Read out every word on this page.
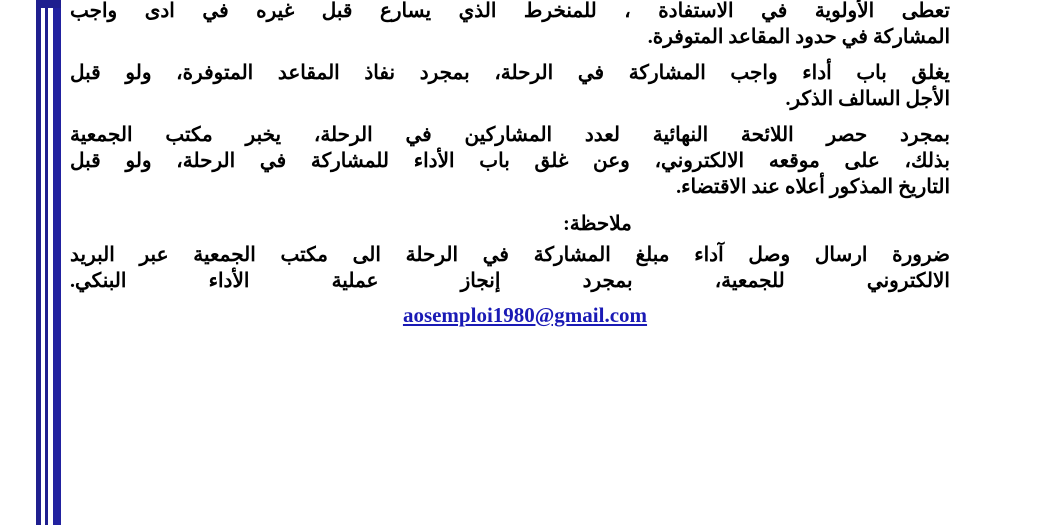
تعطى الأولوية في الاستفادة ، للمنخرط الذي يسارع قبل غيره في ادى واجب

المشاركة في حدود المقاعد المتوفرة.

يغلق باب أداء واجب المشاركة في الرحلة، بمجرد نفاذ المقاعد المتوفرة، ولو قبل

الأجل السالف الذكر.

بمجرد حصر اللائحة النهائية لعدد المشاركين في الرحلة، يخبر مكتب الجمعية

بذلك، على موقعه الالكتروني، وعن غلق باب الأداء للمشاركة في الرحلة، ولو قبل

التاريخ المذكور أعلاه عند الاقتضاء.

ملاحظة:

ضرورة ارسال وصل آداء مبلغ المشاركة في الرحلة الى مكتب الجمعية عبر البريد

الالكتروني للجمعية، بمجرد إنجاز عملية الأداء البنكي.

aosemploi1980@gmail.com
